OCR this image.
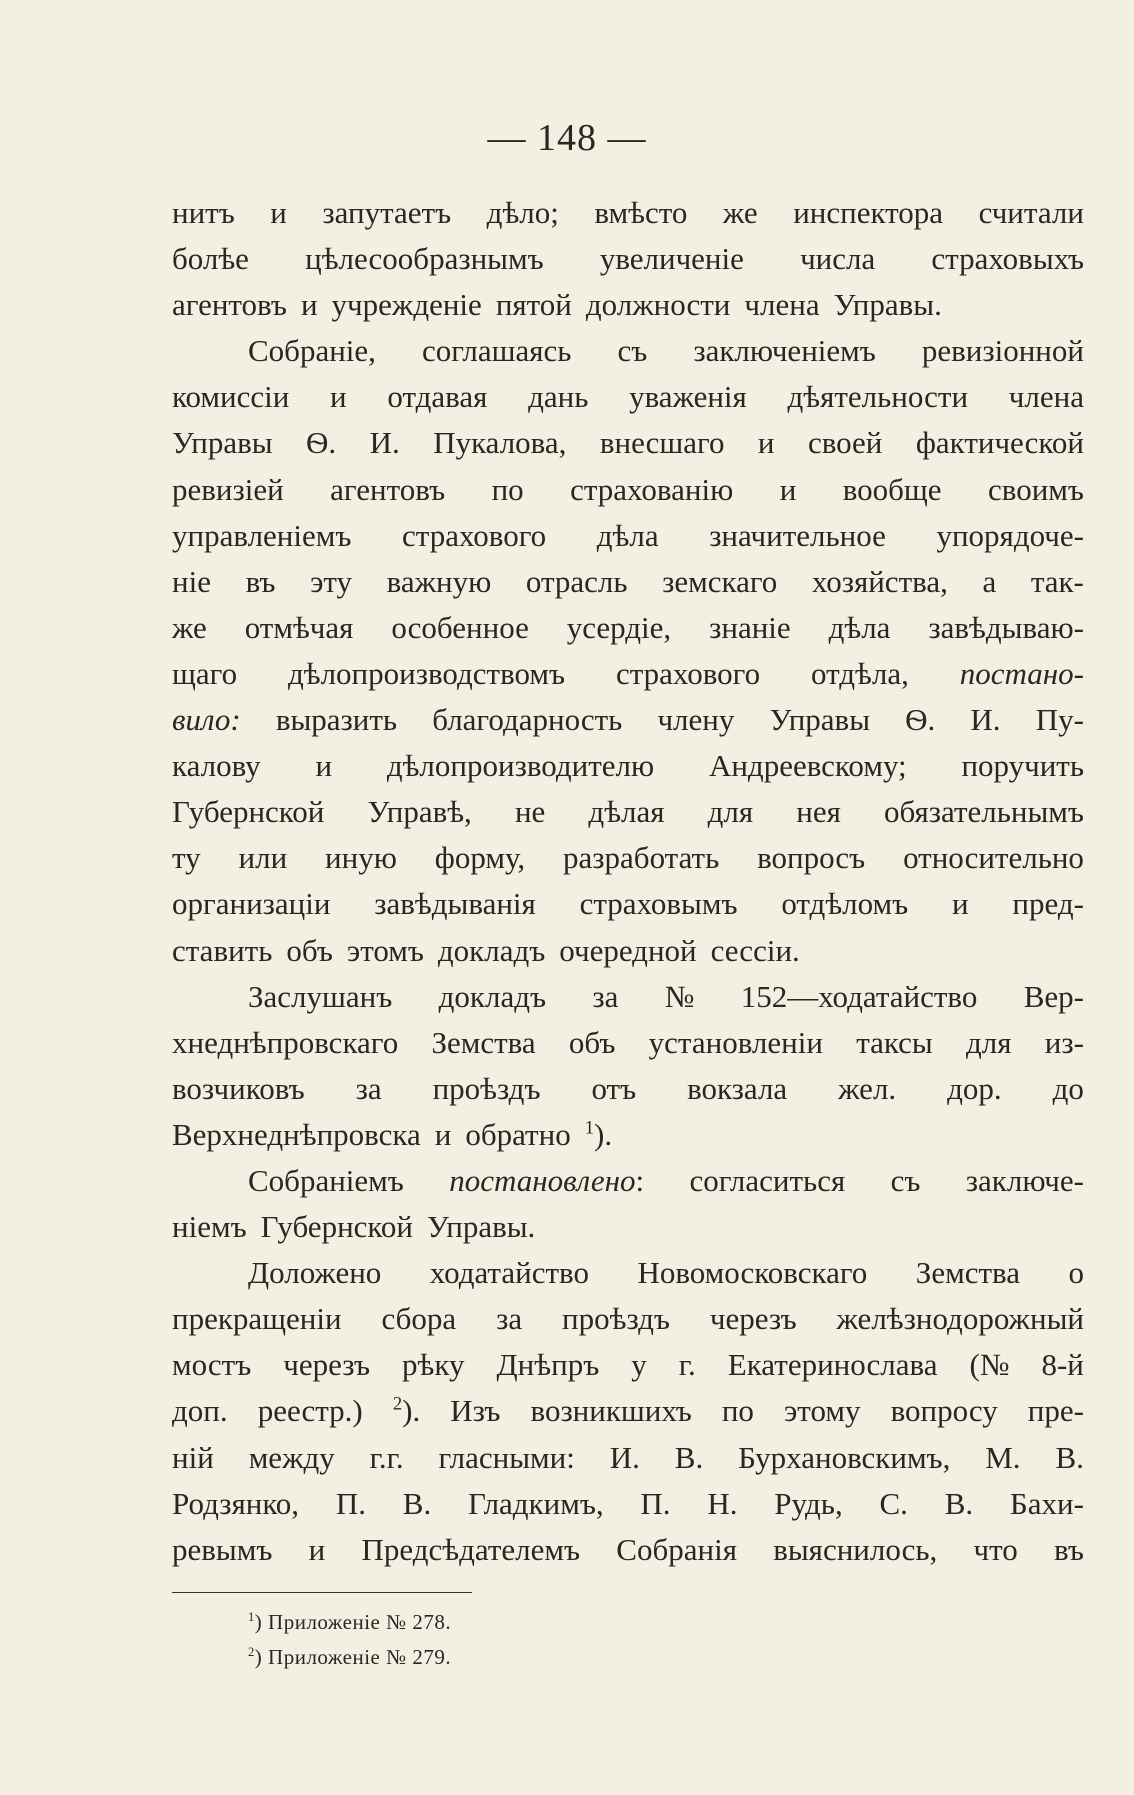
— 148 —
нитъ и запутаетъ дѣло; вмѣсто же инспектора считали
болѣе цѣлесообразнымъ увеличенiе числа страховыхъ
агентовъ и учрежденiе пятой должности члена Управы.
Собранiе, соглашаясь съ заключенiемъ ревизiонной
комиссiи и отдавая дань уваженiя дѣятельности члена
Управы Ѳ. И. Пукалова, внесшаго и своей фактической
ревизiей агентовъ по страхованiю и вообще своимъ
управленiемъ страхового дѣла значительное упорядоче-
нiе въ эту важную отрасль земскаго хозяйства, а так-
же отмѣчая особенное усердiе, знанiе дѣла завѣдываю-
щаго дѣлопроизводствомъ страхового отдѣла, постано-
вило: выразить благодарность члену Управы Ѳ. И. Пу-
калову и дѣлопроизводителю Андреевскому; поручить
Губернской Управѣ, не дѣлая для нея обязательнымъ
ту или иную форму, разработать вопросъ относительно
организацiи завѣдыванiя страховымъ отдѣломъ и пред-
ставить объ этомъ докладъ очередной сессiи.
Заслушанъ докладъ за № 152—ходатайство Вер-
хнеднѣпровскаго Земства объ установленiи таксы для из-
возчиковъ за проѣздъ отъ вокзала жел. дор. до
Верхнеднѣпровска и обратно $^1$).
Собранiемъ постановлено: согласиться съ заключе-
нiемъ Губернской Управы.
Доложено ходатайство Новомосковскаго Земства о
прекращенiи сбора за проѣздъ черезъ желѣзнодорожный
мостъ черезъ рѣку Днѣпръ у г. Екатеринослава (№ 8-й
доп. реестр.) $^2$). Изъ возникшихъ по этому вопросу пре-
нiй между г.г. гласными: И. В. Бурхановскимъ, М. В.
Родзянко, П. В. Гладкимъ, П. Н. Рудь, С. В. Бахи-
ревымъ и Предсѣдателемъ Собранiя выяснилось, что въ
$^1$) Приложенiе № 278.
$^2$) Приложенiе № 279.
